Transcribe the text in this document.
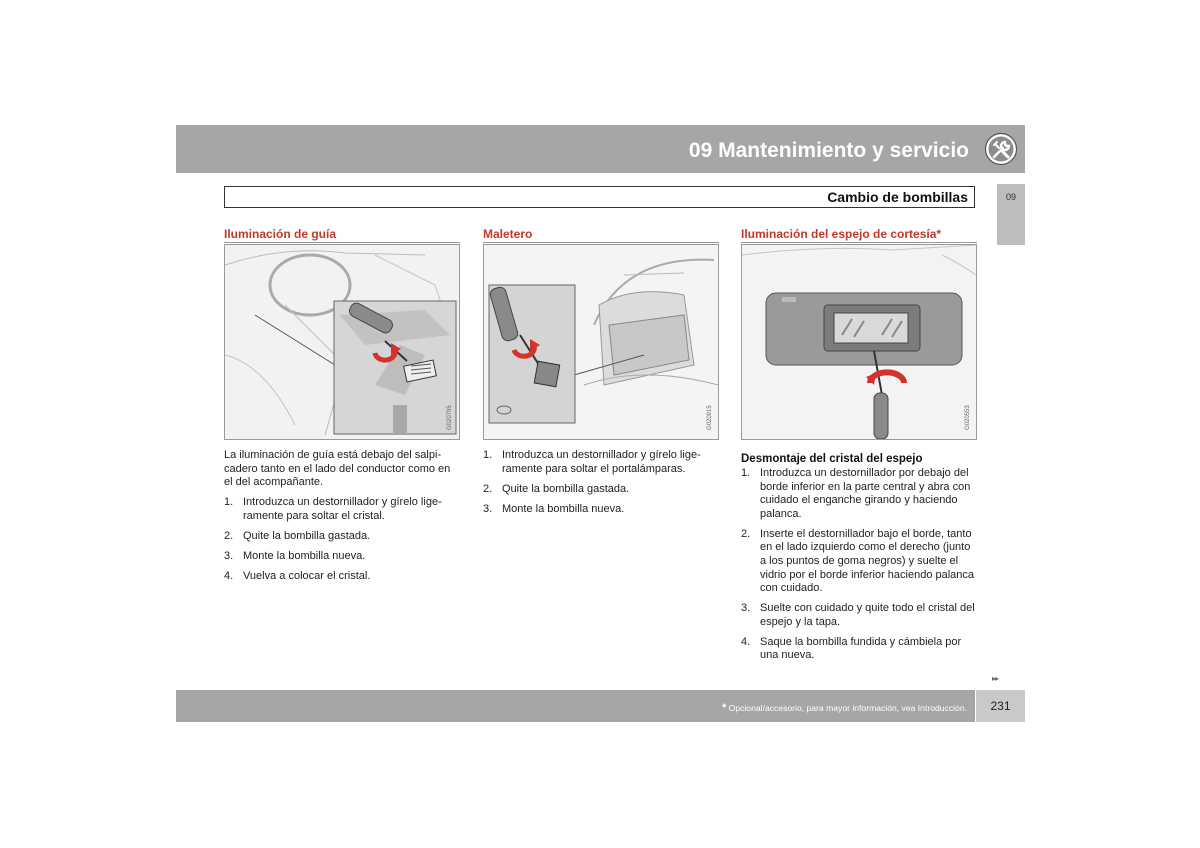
09 Mantenimiento y servicio
Cambio de bombillas	09
Iluminación de guía
G020795
La iluminación de guía está debajo del salpicadero tanto en el lado del conductor como en el del acompañante.
1. Introduzca un destornillador y gírelo ligeramente para soltar el cristal.
2. Quite la bombilla gastada.
3. Monte la bombilla nueva.
4. Vuelva a colocar el cristal.
Maletero
G020915
1. Introduzca un destornillador y gírelo ligeramente para soltar el portalámparas.
2. Quite la bombilla gastada.
3. Monte la bombilla nueva.
Iluminación del espejo de cortesía*
G020553
Desmontaje del cristal del espejo
1. Introduzca un destornillador por debajo del borde inferior en la parte central y abra con cuidado el enganche girando y haciendo palanca.
2. Inserte el destornillador bajo el borde, tanto en el lado izquierdo como el derecho (junto a los puntos de goma negros) y suelte el vidrio por el borde inferior haciendo palanca con cuidado.
3. Suelte con cuidado y quite todo el cristal del espejo y la tapa.
4. Saque la bombilla fundida y cámbiela por una nueva.
▸▸
* Opcional/accesorio, para mayor información, vea Introducción.	231
